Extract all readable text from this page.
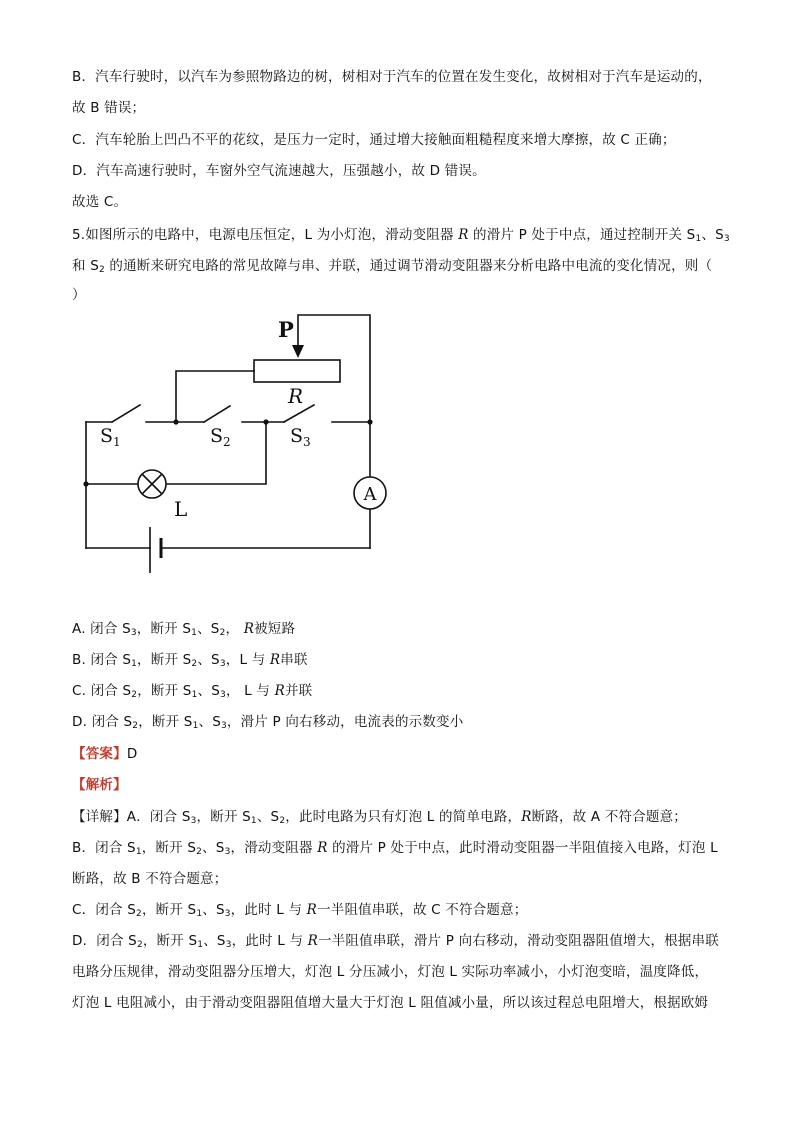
B．汽车行驶时，以汽车为参照物路边的树，树相对于汽车的位置在发生变化，故树相对于汽车是运动的，
故 B 错误；
C．汽车轮胎上凹凸不平的花纹，是压力一定时，通过增大接触面粗糙程度来增大摩擦，故 C 正确；
D．汽车高速行驶时，车窗外空气流速越大，压强越小，故 D 错误。
故选 C。
5.如图所示的电路中，电源电压恒定，L 为小灯泡，滑动变阻器 R 的滑片 P 处于中点，通过控制开关 $S_1$、$S_3$
和 $S_2$ 的通断来研究电路的常见故障与串、并联，通过调节滑动变阻器来分析电路中电流的变化情况，则（
）
A
P
R
$S_1$	$S_2$	$S_3$
L
A. 闭合 $S_3$，断开 $S_1$、$S_2$， R被短路
B. 闭合 $S_1$，断开 $S_2$、$S_3$，L 与 R串联
C. 闭合 $S_2$，断开 $S_1$、$S_3$， L 与 R并联
D. 闭合 $S_2$，断开 $S_1$、$S_3$，滑片 P 向右移动，电流表的示数变小
【答案】D
【解析】
【详解】A．闭合 $S_3$，断开 $S_1$、$S_2$，此时电路为只有灯泡 L 的简单电路，R断路，故 A 不符合题意；
B．闭合 $S_1$，断开 $S_2$、$S_3$，滑动变阻器 R 的滑片 P 处于中点，此时滑动变阻器一半阻值接入电路，灯泡 L
断路，故 B 不符合题意；
C．闭合 $S_2$，断开 $S_1$、$S_3$，此时 L 与 R一半阻值串联，故 C 不符合题意；
D．闭合 $S_2$，断开 $S_1$、$S_3$，此时 L 与 R一半阻值串联，滑片 P 向右移动，滑动变阻器阻值增大，根据串联
电路分压规律，滑动变阻器分压增大，灯泡 L 分压减小，灯泡 L 实际功率减小，小灯泡变暗，温度降低，
灯泡 L 电阻减小，由于滑动变阻器阻值增大量大于灯泡 L 阻值减小量，所以该过程总电阻增大，根据欧姆
